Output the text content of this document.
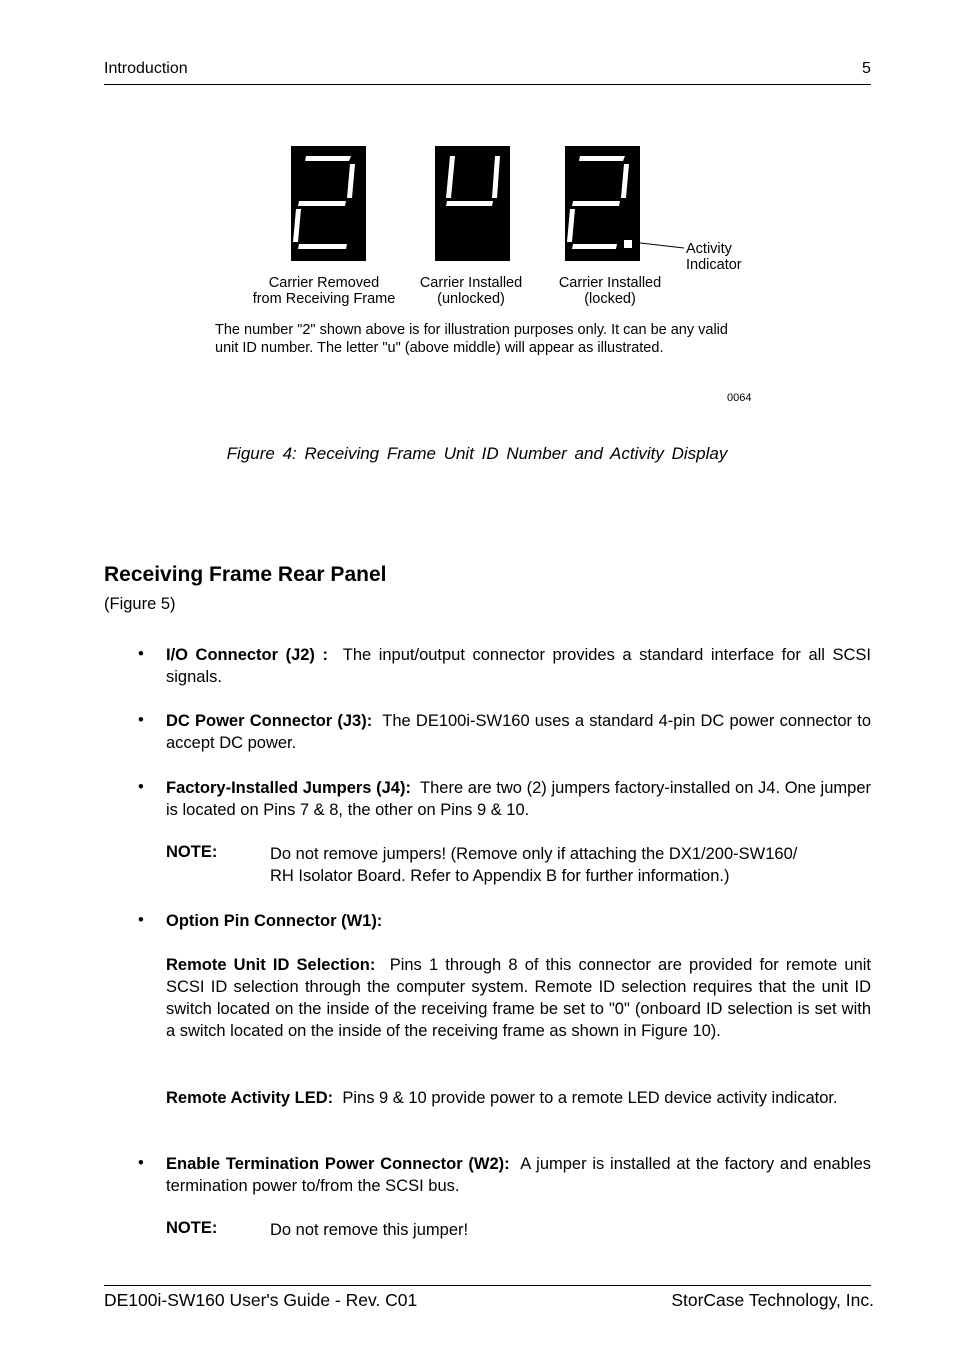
Introduction	5
Activity
Indicator
Carrier Removed
from Receiving Frame
Carrier Installed
(unlocked)
Carrier Installed
(locked)
The number "2" shown above is for illustration purposes only. It can be any valid
unit ID number. The letter "u" (above middle) will appear as illustrated.
0064
Figure 4: Receiving Frame Unit ID Number and Activity Display
Receiving Frame Rear Panel
(Figure 5)
• I/O Connector (J2) : The input/output connector provides a standard interface for all SCSI signals.
• DC Power Connector (J3): The DE100i-SW160 uses a standard 4-pin DC power connector to accept DC power.
• Factory-Installed Jumpers (J4): There are two (2) jumpers factory-installed on J4. One jumper is located on Pins 7 & 8, the other on Pins 9 & 10.
NOTE:	Do not remove jumpers! (Remove only if attaching the DX1/200-SW160/
RH Isolator Board. Refer to Appendix B for further information.)
• Option Pin Connector (W1):
Remote Unit ID Selection: Pins 1 through 8 of this connector are provided for remote unit SCSI ID selection through the computer system. Remote ID selection requires that the unit ID switch located on the inside of the receiving frame be set to "0" (onboard ID selection is set with a switch located on the inside of the receiving frame as shown in Figure 10).
Remote Activity LED: Pins 9 & 10 provide power to a remote LED device activity indicator.
• Enable Termination Power Connector (W2): A jumper is installed at the factory and enables termination power to/from the SCSI bus.
NOTE:	Do not remove this jumper!
DE100i-SW160 User's Guide - Rev. C01	StorCase Technology, Inc.
